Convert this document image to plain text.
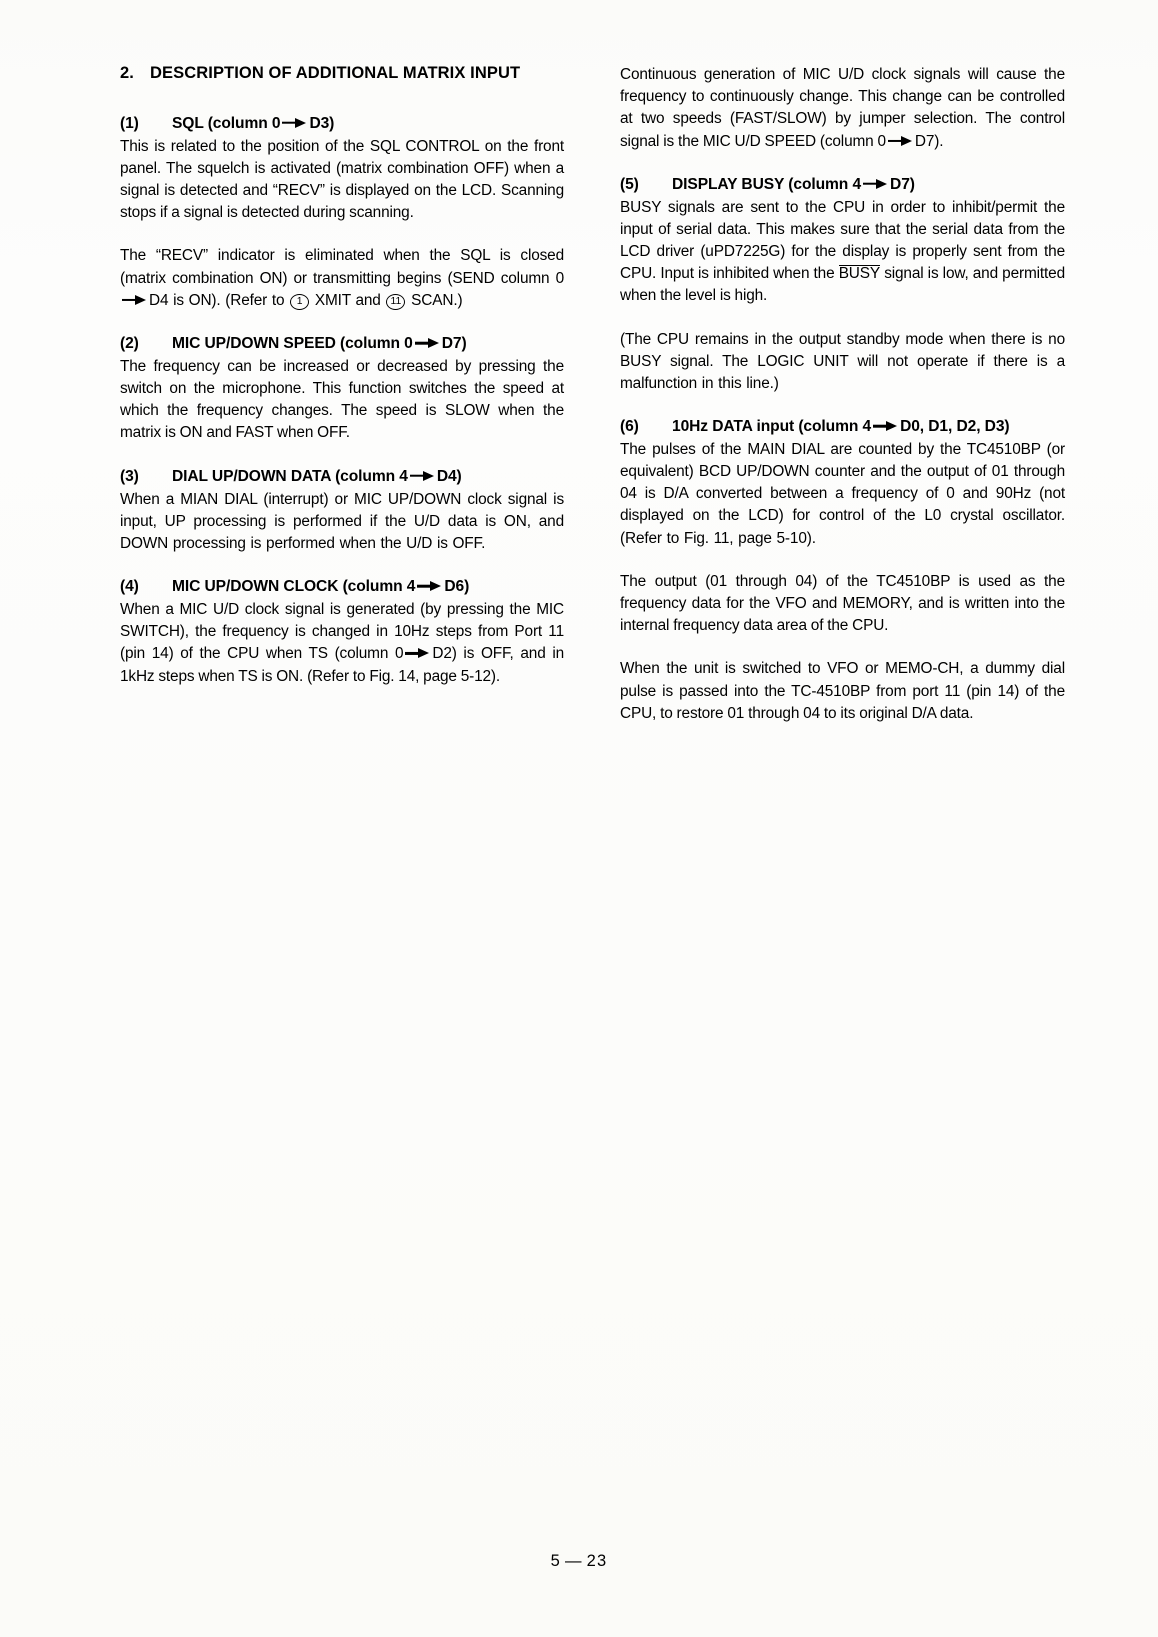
2. DESCRIPTION OF ADDITIONAL MATRIX INPUT
(1) SQL (column 0 D3)

This is related to the position of the SQL CONTROL on the front panel. The squelch is activated (matrix combination OFF) when a signal is detected and “RECV” is displayed on the LCD. Scanning stops if a signal is detected during scanning.

The “RECV” indicator is eliminated when the SQL is closed (matrix combination ON) or transmitting begins (SEND column 0D4 is ON). (Refer to 1 XMIT and 11 SCAN.)

(2) MIC UP/DOWN SPEED (column 0 D7)

The frequency can be increased or decreased by pressing the switch on the microphone. This function switches the speed at which the frequency changes. The speed is SLOW when the matrix is ON and FAST when OFF.

(3) DIAL UP/DOWN DATA (column 4 D4)

When a MIAN DIAL (interrupt) or MIC UP/DOWN clock signal is input, UP processing is performed if the U/D data is ON, and DOWN processing is performed when the U/D is OFF.

(4) MIC UP/DOWN CLOCK (column 4 D6)

When a MIC U/D clock signal is generated (by pressing the MIC SWITCH), the frequency is changed in 10Hz steps from Port 11 (pin 14) of the CPU when TS (column 0 D2) is OFF, and in 1kHz steps when TS is ON. (Refer to Fig. 14, page 5-12).

Continuous generation of MIC U/D clock signals will cause the frequency to continuously change. This change can be controlled at two speeds (FAST/SLOW) by jumper selection. The control signal is the MIC U/D SPEED (column 0 D7).

(5) DISPLAY BUSY (column 4 D7)

BUSY signals are sent to the CPU in order to inhibit/permit the input of serial data. This makes sure that the serial data from the LCD driver (uPD7225G) for the display is properly sent from the CPU. Input is inhibited when the BUSY signal is low, and permitted when the level is high.

(The CPU remains in the output standby mode when there is no BUSY signal. The LOGIC UNIT will not operate if there is a malfunction in this line.)

(6) 10Hz DATA input (column 4 D0, D1, D2, D3)

The pulses of the MAIN DIAL are counted by the TC4510BP (or equivalent) BCD UP/DOWN counter and the output of 01 through 04 is D/A converted between a frequency of 0 and 90Hz (not displayed on the LCD) for control of the L0 crystal oscillator. (Refer to Fig. 11, page 5-10).

The output (01 through 04) of the TC4510BP is used as the frequency data for the VFO and MEMORY, and is written into the internal frequency data area of the CPU.

When the unit is switched to VFO or MEMO-CH, a dummy dial pulse is passed into the TC-4510BP from port 11 (pin 14) of the CPU, to restore 01 through 04 to its original D/A data.

5 — 23
